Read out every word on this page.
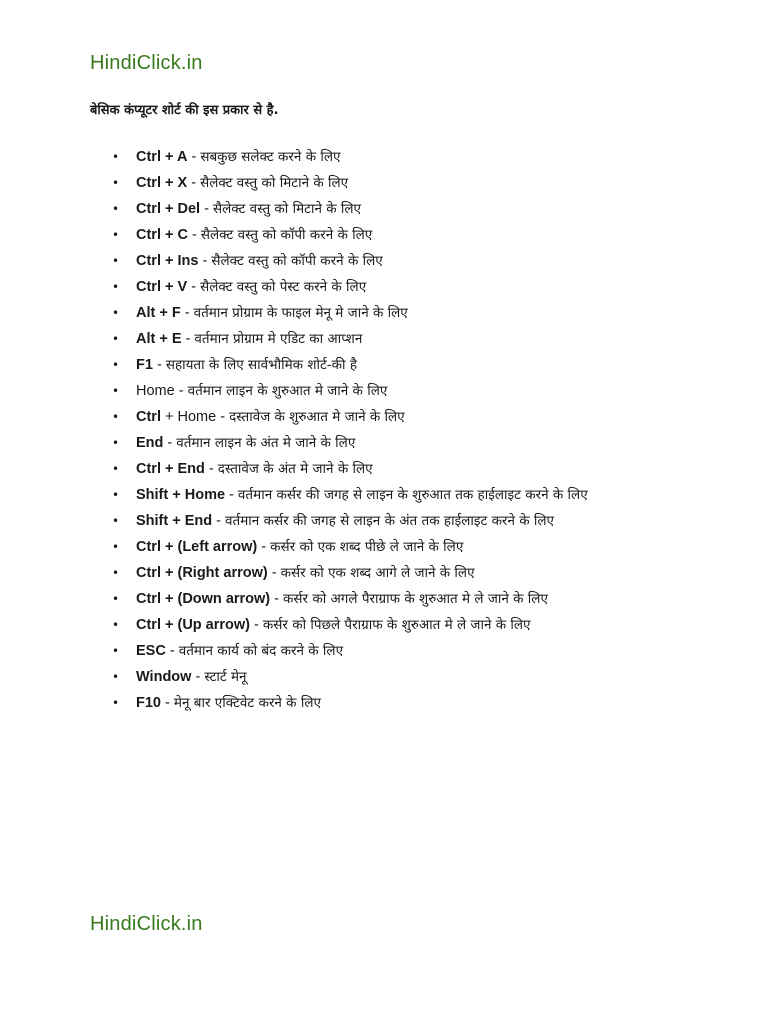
HindiClick.in
बेसिक कंप्यूटर शोर्ट की इस प्रकार से है.
• Ctrl + A - सबकुछ सलेक्ट करने के लिए
• Ctrl + X - सैलेक्ट वस्तु को मिटाने के लिए
• Ctrl + Del - सैलेक्ट वस्तु को मिटाने के लिए
• Ctrl + C - सैलेक्ट वस्तु को कॉपी करने के लिए
• Ctrl + Ins - सैलेक्ट वस्तु को कॉपी करने के लिए
• Ctrl + V - सैलेक्ट वस्तु को पेस्ट करने के लिए
• Alt + F - वर्तमान प्रोग्राम के फाइल मेनू मे जाने के लिए
• Alt + E - वर्तमान प्रोग्राम मे एडिट का आप्शन
• F1 - सहायता के लिए सार्वभौमिक शोर्ट-की है
• Home - वर्तमान लाइन के शुरुआत मे जाने के लिए
• Ctrl + Home - दस्तावेज के शुरुआत मे जाने के लिए
• End - वर्तमान लाइन के अंत मे जाने के लिए
• Ctrl + End - दस्तावेज के अंत मे जाने के लिए
• Shift + Home - वर्तमान कर्सर की जगह से लाइन के शुरुआत तक हाईलाइट करने के लिए
• Shift + End - वर्तमान कर्सर की जगह से लाइन के अंत तक हाईलाइट करने के लिए
• Ctrl + (Left arrow) - कर्सर को एक शब्द पीछे ले जाने के लिए
• Ctrl + (Right arrow) - कर्सर को एक शब्द आगे ले जाने के लिए
• Ctrl + (Down arrow) - कर्सर को अगले पैराग्राफ के शुरुआत मे ले जाने के लिए
• Ctrl + (Up arrow) - कर्सर को पिछले पैराग्राफ के शुरुआत मे ले जाने के लिए
• ESC - वर्तमान कार्य को बंद करने के लिए
• Window - स्टार्ट मेनू
• F10 - मेनू बार एक्टिवेट करने के लिए
HindiClick.in
